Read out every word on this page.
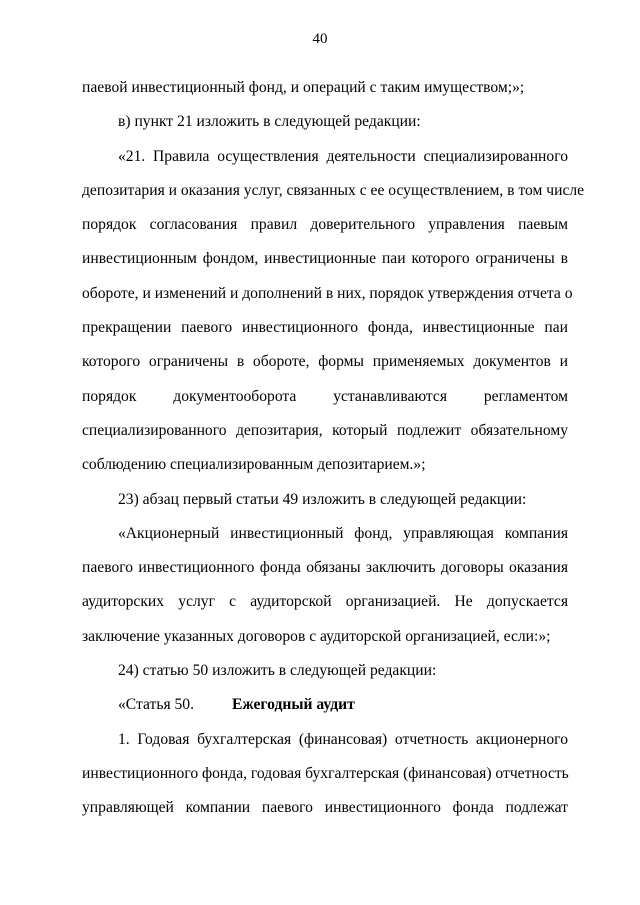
40
паевой инвестиционный фонд, и операций с таким имуществом;»;
в) пункт 21 изложить в следующей редакции:
«21. Правила осуществления деятельности специализированного
депозитария и оказания услуг, связанных с ее осуществлением, в том числе
порядок согласования правил доверительного управления паевым
инвестиционным фондом, инвестиционные паи которого ограничены в
обороте, и изменений и дополнений в них, порядок утверждения отчета о
прекращении паевого инвестиционного фонда, инвестиционные паи
которого ограничены в обороте, формы применяемых документов и
порядок документооборота устанавливаются регламентом
специализированного депозитария, который подлежит обязательному
соблюдению специализированным депозитарием.»;
23) абзац первый статьи 49 изложить в следующей редакции:
«Акционерный инвестиционный фонд, управляющая компания
паевого инвестиционного фонда обязаны заключить договоры оказания
аудиторских услуг с аудиторской организацией. Не допускается
заключение указанных договоров с аудиторской организацией, если:»;
24) статью 50 изложить в следующей редакции:
«Статья 50. Ежегодный аудит
1. Годовая бухгалтерская (финансовая) отчетность акционерного
инвестиционного фонда, годовая бухгалтерская (финансовая) отчетность
управляющей компании паевого инвестиционного фонда подлежат
